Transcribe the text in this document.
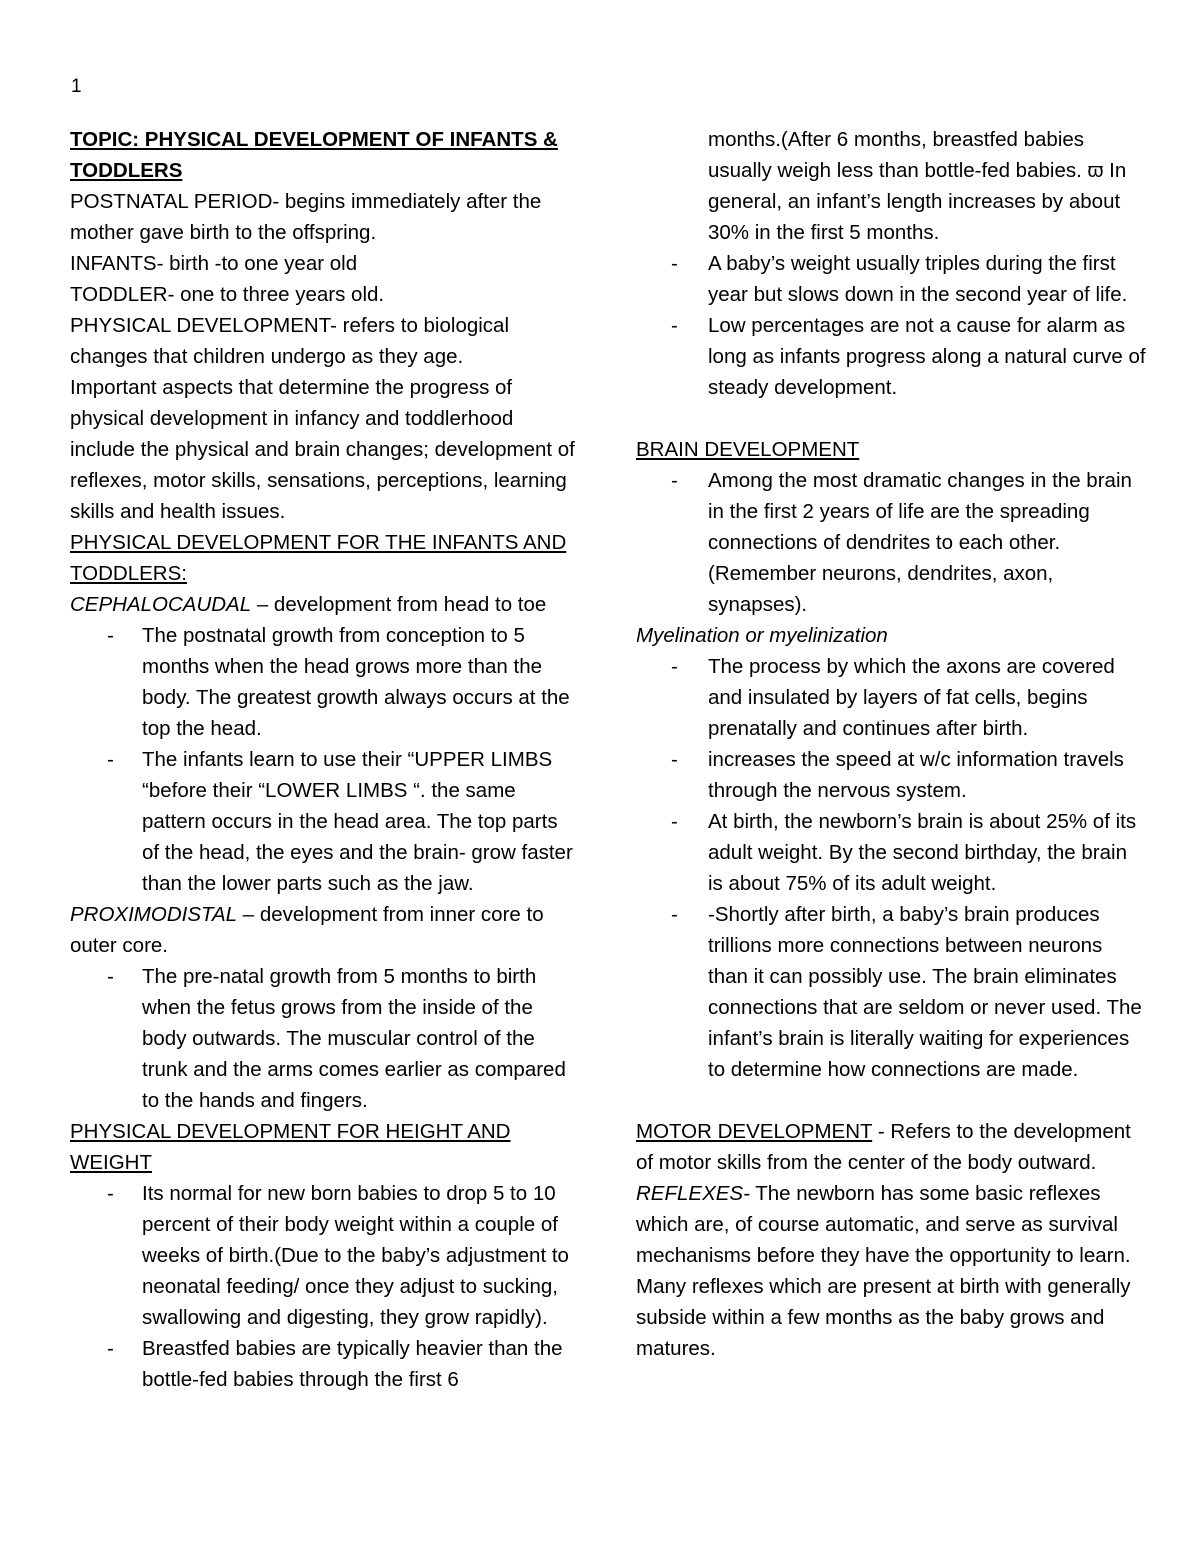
1

TOPIC: PHYSICAL DEVELOPMENT OF INFANTS & TODDLERS

POSTNATAL PERIOD- begins immediately after the mother gave birth to the offspring.

INFANTS- birth -to one year old

TODDLER- one to three years old.

PHYSICAL DEVELOPMENT- refers to biological changes that children undergo as they age.

Important aspects that determine the progress of physical development in infancy and toddlerhood include the physical and brain changes; development of reflexes, motor skills, sensations, perceptions, learning skills and health issues.

PHYSICAL DEVELOPMENT FOR THE INFANTS AND TODDLERS:

CEPHALOCAUDAL – development from head to toe

- The postnatal growth from conception to 5 months when the head grows more than the body. The greatest growth always occurs at the top the head.
- The infants learn to use their “UPPER LIMBS “before their “LOWER LIMBS “. the same pattern occurs in the head area. The top parts of the head, the eyes and the brain- grow faster than the lower parts such as the jaw.

PROXIMODISTAL – development from inner core to outer core.

- The pre-natal growth from 5 months to birth when the fetus grows from the inside of the body outwards. The muscular control of the trunk and the arms comes earlier as compared to the hands and fingers.

PHYSICAL DEVELOPMENT FOR HEIGHT AND WEIGHT

- Its normal for new born babies to drop 5 to 10 percent of their body weight within a couple of weeks of birth.(Due to the baby’s adjustment to neonatal feeding/ once they adjust to sucking, swallowing and digesting, they grow rapidly).
- Breastfed babies are typically heavier than the bottle-fed babies through the first 6
months.(After 6 months, breastfed babies usually weigh less than bottle-fed babies. ϖ In general, an infant’s length increases by about 30% in the first 5 months.
- A baby’s weight usually triples during the first year but slows down in the second year of life.
- Low percentages are not a cause for alarm as long as infants progress along a natural curve of steady development.

BRAIN DEVELOPMENT

- Among the most dramatic changes in the brain in the first 2 years of life are the spreading connections of dendrites to each other. (Remember neurons, dendrites, axon, synapses).

Myelination or myelinization

- The process by which the axons are covered and insulated by layers of fat cells, begins prenatally and continues after birth.
- increases the speed at w/c information travels through the nervous system.
- At birth, the newborn’s brain is about 25% of its adult weight. By the second birthday, the brain is about 75% of its adult weight.
- -Shortly after birth, a baby’s brain produces trillions more connections between neurons than it can possibly use. The brain eliminates connections that are seldom or never used. The infant’s brain is literally waiting for experiences to determine how connections are made.

MOTOR DEVELOPMENT - Refers to the development of motor skills from the center of the body outward.

REFLEXES- The newborn has some basic reflexes which are, of course automatic, and serve as survival mechanisms before they have the opportunity to learn. Many reflexes which are present at birth with generally subside within a few months as the baby grows and matures.
